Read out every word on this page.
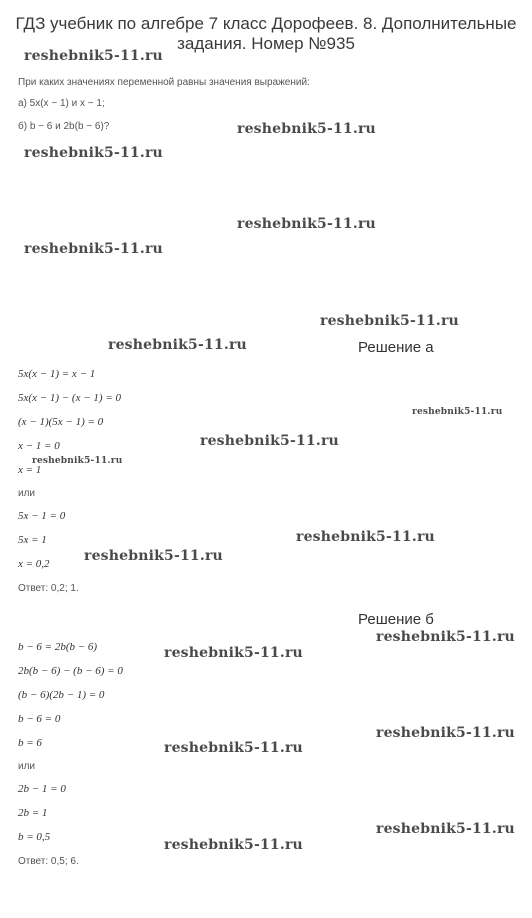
ГДЗ учебник по алгебре 7 класс Дорофеев. 8. Дополнительные задания. Номер №935
reshebnik5-11.ru
reshebnik5-11.ru
reshebnik5-11.ru
reshebnik5-11.ru
reshebnik5-11.ru
reshebnik5-11.ru
reshebnik5-11.ru
reshebnik5-11.ru
reshebnik5-11.ru
reshebnik5-11.ru
reshebnik5-11.ru
reshebnik5-11.ru
reshebnik5-11.ru
reshebnik5-11.ru
reshebnik5-11.ru
reshebnik5-11.ru
reshebnik5-11.ru
reshebnik5-11.ru
При каких значениях переменной равны значения выражений:
а) 5x(x − 1) и x − 1;
б) b − 6 и 2b(b − 6)?
Решение а
5x(x − 1) = x − 1
5x(x − 1) − (x − 1) = 0
(x − 1)(5x − 1) = 0
x − 1 = 0
x = 1
или
5x − 1 = 0
5x = 1
x = 0,2
Ответ: 0,2; 1.
Решение б
b − 6 = 2b(b − 6)
2b(b − 6) − (b − 6) = 0
(b − 6)(2b − 1) = 0
b − 6 = 0
b = 6
или
2b − 1 = 0
2b = 1
b = 0,5
Ответ: 0,5; 6.
